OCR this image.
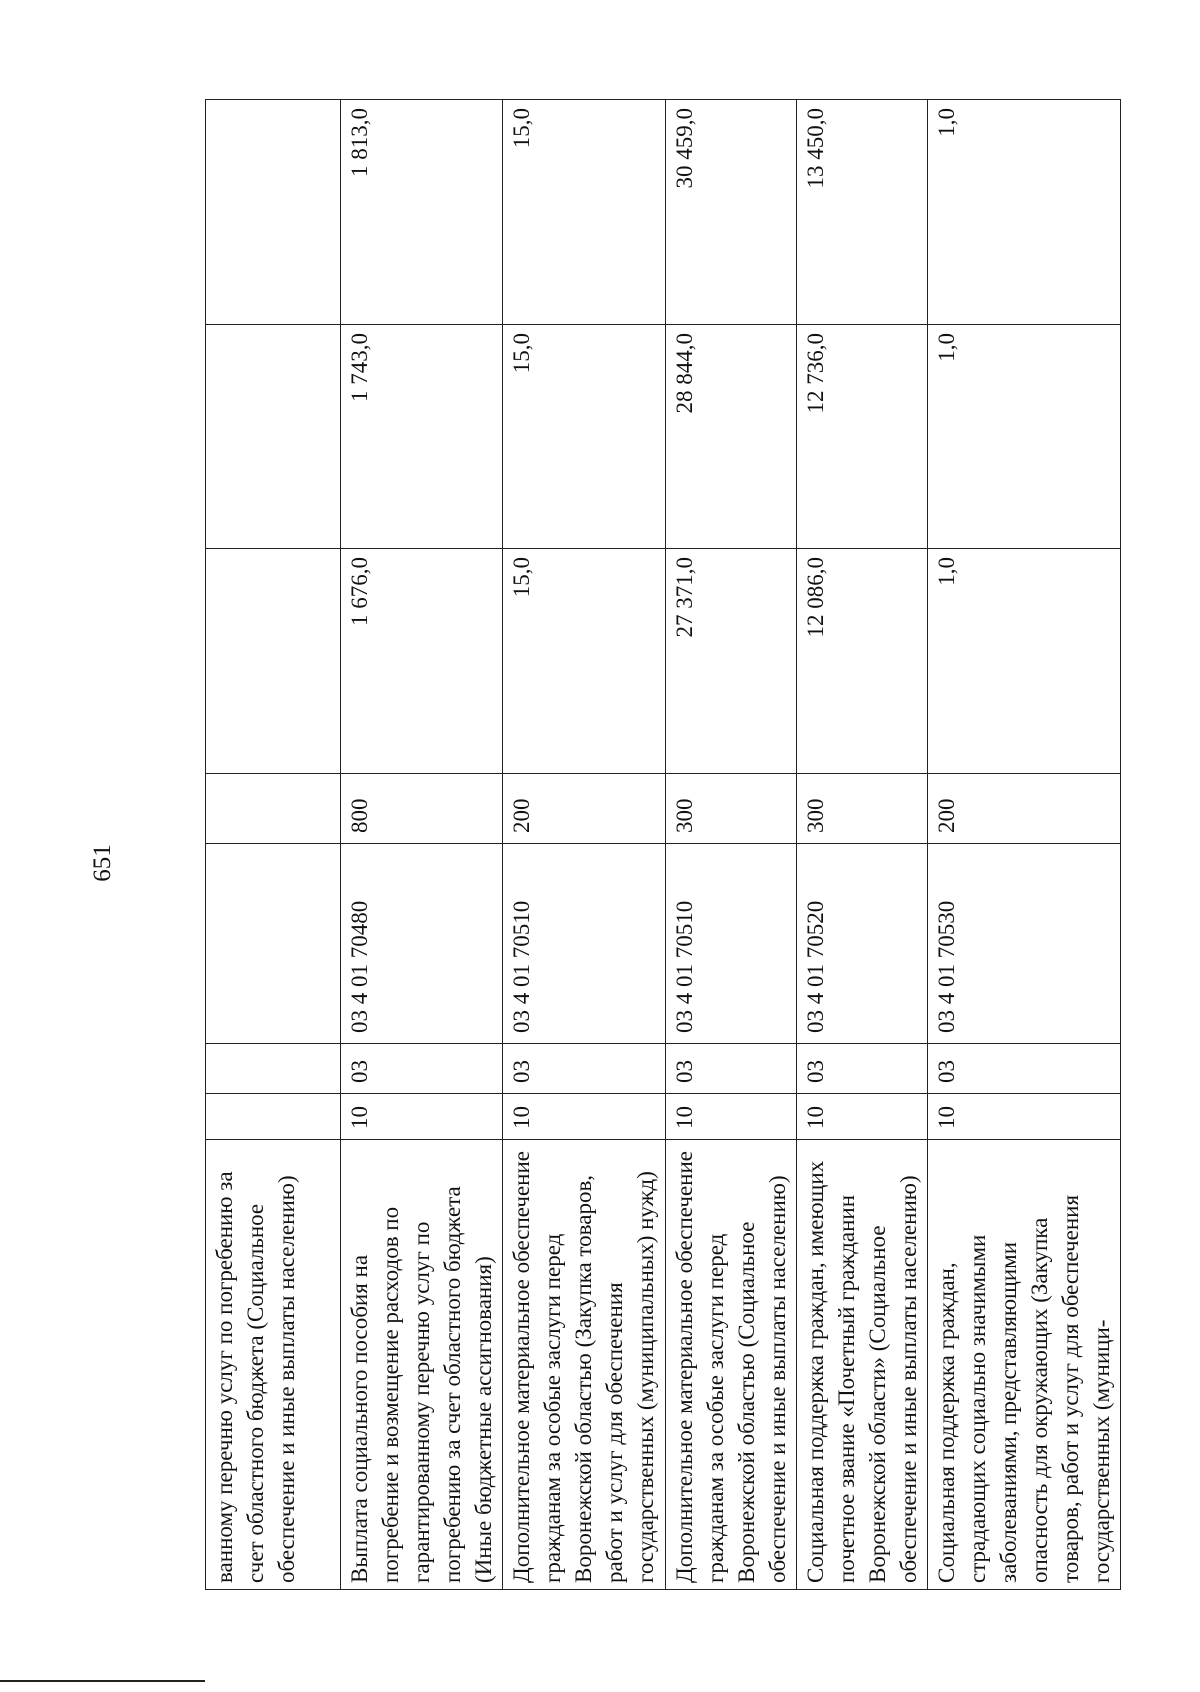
651
ванному перечню услуг по погребению за счет областного бюджета (Социальное обеспечение и иные выплаты населению)							
Выплата социального пособия на погребение и возмещение расходов по гарантированному перечню услуг по погребению за счет областного бюджета (Иные бюджетные ассигнования)	10	03	03 4 01 70480	800	1 676,0	1 743,0	1 813,0
Дополнительное материальное обеспечение гражданам за особые заслуги перед Воронежской областью (Закупка товаров, работ и услуг для обеспечения государственных (муниципальных) нужд)	10	03	03 4 01 70510	200	15,0	15,0	15,0
Дополнительное материальное обеспечение гражданам за особые заслуги перед Воронежской областью (Социальное обеспечение и иные выплаты населению)	10	03	03 4 01 70510	300	27 371,0	28 844,0	30 459,0
Социальная поддержка граждан, имеющих почетное звание «Почетный гражданин Воронежской области» (Социальное обеспечение и иные выплаты населению)	10	03	03 4 01 70520	300	12 086,0	12 736,0	13 450,0
Социальная поддержка граждан, страдающих социально значимыми заболеваниями, представляющими опасность для окружающих (Закупка товаров, работ и услуг для обеспечения государственных (муници-	10	03	03 4 01 70530	200	1,0	1,0	1,0
